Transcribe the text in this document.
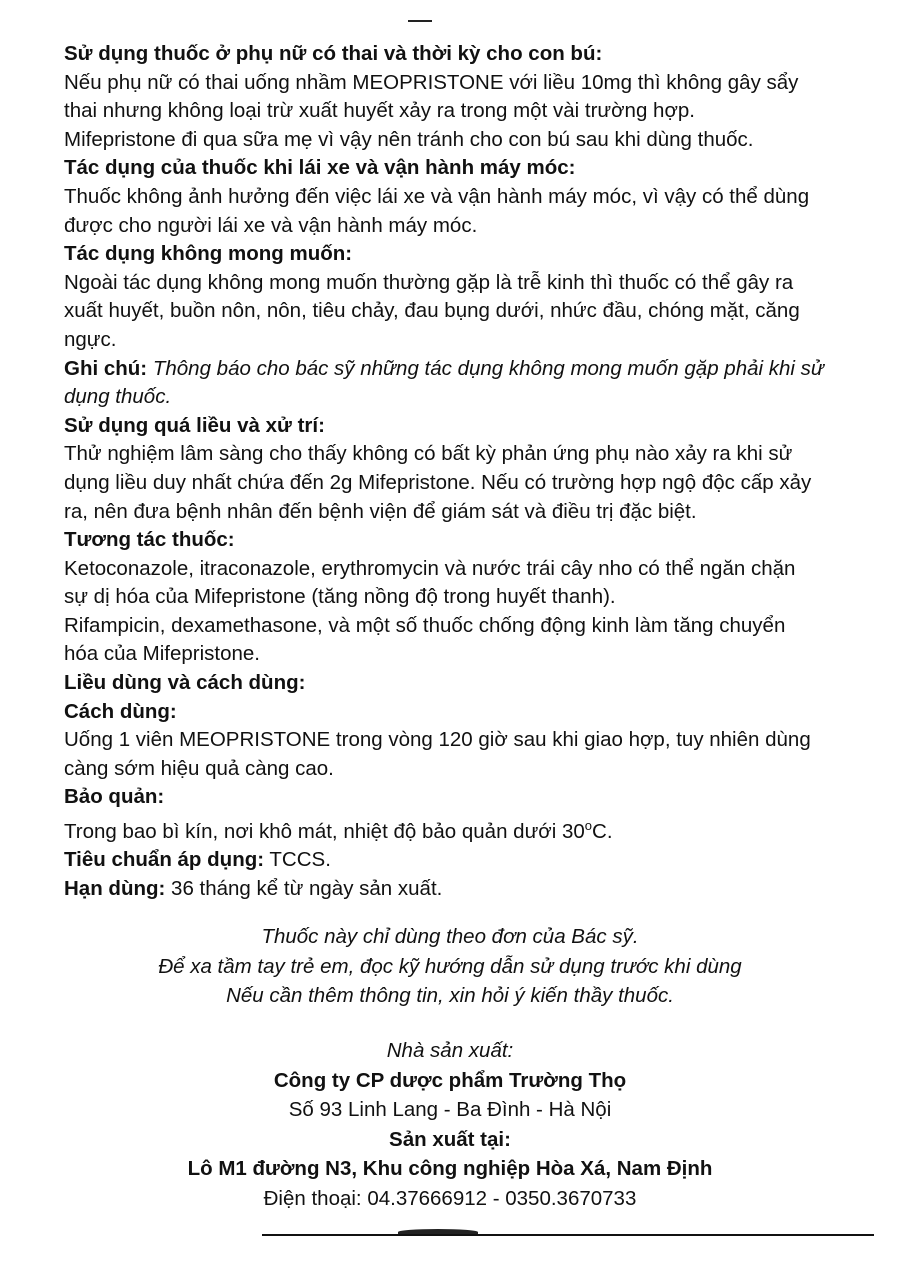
Sử dụng thuốc ở phụ nữ có thai và thời kỳ cho con bú:
Nếu phụ nữ có thai uống nhầm MEOPRISTONE với liều 10mg thì không gây sẩy
thai nhưng không loại trừ xuất huyết xảy ra trong một vài trường hợp.
Mifepristone đi qua sữa mẹ vì vậy nên tránh cho con bú sau khi dùng thuốc.
Tác dụng của thuốc khi lái xe và vận hành máy móc:
Thuốc không ảnh hưởng đến việc lái xe và vận hành máy móc, vì vậy có thể dùng
được cho người lái xe và vận hành máy móc.
Tác dụng không mong muốn:
Ngoài tác dụng không mong muốn thường gặp là trễ kinh thì thuốc có thể gây ra
xuất huyết, buồn nôn, nôn, tiêu chảy, đau bụng dưới, nhức đầu, chóng mặt, căng
ngực.
Ghi chú: Thông báo cho bác sỹ những tác dụng không mong muốn gặp phải khi sử
dụng thuốc.
Sử dụng quá liều và xử trí:
Thử nghiệm lâm sàng cho thấy không có bất kỳ phản ứng phụ nào xảy ra khi sử
dụng liều duy nhất chứa đến 2g Mifepristone. Nếu có trường hợp ngộ độc cấp xảy
ra, nên đưa bệnh nhân đến bệnh viện để giám sát và điều trị đặc biệt.
Tương tác thuốc:
Ketoconazole, itraconazole, erythromycin và nước trái cây nho có thể ngăn chặn
sự dị hóa của Mifepristone (tăng nồng độ trong huyết thanh).
Rifampicin, dexamethasone, và một số thuốc chống động kinh làm tăng chuyển
hóa của Mifepristone.
Liều dùng và cách dùng:
Cách dùng:
Uống 1 viên MEOPRISTONE trong vòng 120 giờ sau khi giao hợp, tuy nhiên dùng
càng sớm hiệu quả càng cao.
Bảo quản:
Trong bao bì kín, nơi khô mát, nhiệt độ bảo quản dưới 30$^o$C.
Tiêu chuẩn áp dụng: TCCS.
Hạn dùng: 36 tháng kể từ ngày sản xuất.
Thuốc này chỉ dùng theo đơn của Bác sỹ.
Để xa tầm tay trẻ em, đọc kỹ hướng dẫn sử dụng trước khi dùng
Nếu cần thêm thông tin, xin hỏi ý kiến thầy thuốc.
Nhà sản xuất:
Công ty CP dược phẩm Trường Thọ
Số 93 Linh Lang - Ba Đình - Hà Nội
Sản xuất tại:
Lô M1 đường N3, Khu công nghiệp Hòa Xá, Nam Định
Điện thoại: 04.37666912 - 0350.3670733
